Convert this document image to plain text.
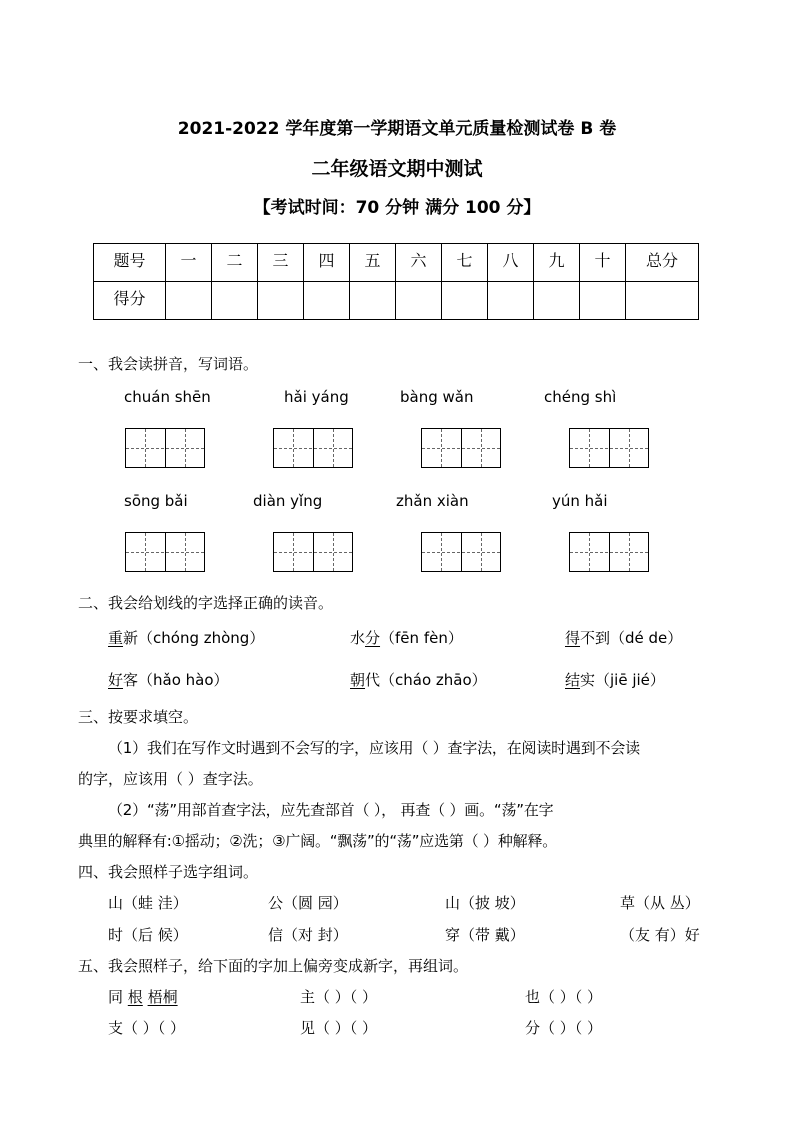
2021-2022 学年度第一学期语文单元质量检测试卷 B 卷
二年级语文期中测试
【考试时间：70 分钟 满分 100 分】
题号	一	二	三	四	五	六	七	八	九	十	总分
得分											
一、我会读拼音，写词语。
chuán shēn	hǎi yáng	bàng wǎn	chéng shì
sōng bǎi	diàn yǐng	zhǎn xiàn	yún hǎi
二、我会给划线的字选择正确的读音。
重新（chóng zhòng）	水分（fēn fèn）	得不到（dé de）
好客（hǎo hào）	朝代（cháo zhāo）	结实（jiē jié）
三、按要求填空。
（1）我们在写作文时遇到不会写的字，应该用（ ）查字法，在阅读时遇到不会读
的字，应该用（ ）查字法。
（2）“荡”用部首查字法，应先查部首（ ）， 再查（ ）画。“荡”在字
典里的解释有:①摇动；②洗；③广阔。“飘荡”的“荡”应选第（ ）种解释。
四、我会照样子选字组词。
山（蛙 洼）	公（圆 园）	山（披 坡）	草（从 丛）
时（后 候）	信（对 封）	穿（带 戴）	（友 有）好
五、我会照样子，给下面的字加上偏旁变成新字，再组词。
同 根 梧桐	主（ ）（ ）	也（ ）（ ）
支（ ）（ ）	见（ ）（ ）	分（ ）（ ）
